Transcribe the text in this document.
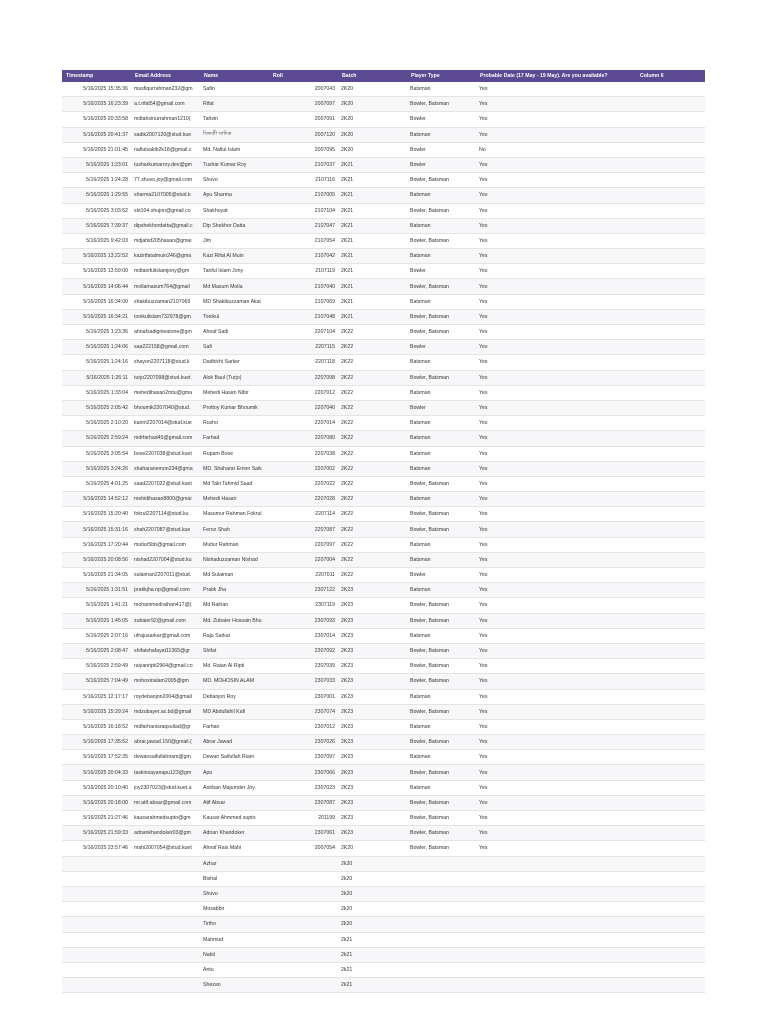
Timestamp	Email Address	Name	Roll	Batch	Player Type	Probable Date (17 May - 19 May). Are you available?	Column 6
5/16/2025 15:35:36	musfiqurrahman232@gm	Safin	2007043	2K20	Batsman	Yes	
5/16/2025 16:23:39	a.t.rifat54@gmail.com	Rifat	2007097	2K20	Bowler, Batsman	Yes	
5/16/2025 20:33:58	mdtahsinurrahman1210(	Tahsin	2007091	2K20	Bowler	Yes	
5/16/2025 20:41:37	sadik2007120@stud.kue	সিফতী সাদিক	2007120	2K20	Batsman	Yes	
5/16/2025 21:01:45	nafiulsakib2k18@gmail.c	Md. Nafiul Islam	2007095	2K20	Bowler	No	
5/16/2025 1:23:01	tusharkumarroy.dev@gm	Tushar Kumar Roy	2107037	2K21	Bowler	Yes	
5/16/2025 1:24:28	77.shuvo.joy@gmail.com	Shuvo	2107116	2K21	Bowler, Batsman	Yes	
5/16/2025 1:29:55	sharma2107005@stud.k	Apu Sharma	2107005	2K21	Batsman	Yes	
5/16/2025 3:03:52	skt104.shujon@gmail.co	Shakhoyat	2107104	2K21	Bowler, Batsman	Yes	
5/16/2025 7:39:37	dipshekhordatta@gmail.c	Dip Shekhor Datta	2107047	2K21	Batsman	Yes	
5/16/2025 9:42:03	mdjahid205hasan@gmai	Jim	2107054	2K21	Bowler, Batsman	Yes	
5/16/2025 13:22:52	kazirifatalmuin246@gma	Kazi Rifat Al Muin	2107042	2K21	Batsman	Yes	
5/16/2025 13:59:00	mdtanifulislamjony@gm	Tanful Islam Jony	2107119	2K21	Bowler	Yes	
5/16/2025 14:06:44	mollamasum764@gmail	Md Masum Molla	2107040	2K21	Bowler, Batsman	Yes	
5/16/2025 16:34:00	shakibuzzaman2107069	MD Shakibuzzaman Akai	2107069	2K21	Batsman	Yes	
5/16/2025 16:34:21	tonikulislam732978@gm	Tonikul	2107048	2K21	Bowler, Batsman	Yes	
5/16/2025 1:23:36	ahnafsadignieatone@gm	Ahnaf Sadi	2207104	2K22	Bowler, Batsman	Yes	
5/16/2025 1:24:06	saa222158@gmail.com	Safi	2207115	2K22	Bowler	Yes	
5/16/2025 1:24:16	shayon2207118@stud.k	Dadhichi Sarker	2207118	2K22	Batsman	Yes	
5/16/2025 1:26:11	turjo2207098@stud.kuet	Alok Baul (Turjo)	2207098	2K22	Bowler, Batsman	Yes	
5/16/2025 1:33:04	mehedihasan2mtu@gma	Mehedi Hasan Nibir	2207012	2K22	Batsman	Yes	
5/16/2025 2:05:42	bhoumik2207040@stud.	Prottoy Kumar Bhoumik	2207040	2K22	Bowler	Yes	
5/16/2025 2:10:20	karim2207014@stud.kue	Rusho	2207014	2K22	Batsman	Yes	
5/16/2025 2:59:24	mdrfarhad45@gmail.com	Farhad	2207080	2K22	Batsman	Yes	
5/16/2025 3:05:54	bose2207038@stud.kuet	Rupam Bose	2207038	2K22	Batsman	Yes	
5/16/2025 3:24:26	shaharanemon234@gma	MD. Shaharar Emon Saik	2207002	2K22	Batsman	Yes	
5/16/2025 4:01:25	saad2207022@stud.kuet	Md Taki Tahmid Saad	2207022	2K22	Bowler, Batsman	Yes	
5/16/2025 14:52:12	mehidihasan8800@gmai	Mehedi Hasan	2207028	2K22	Batsman	Yes	
5/16/2025 15:20:40	fokrul2207114@stud.ku	Masumur Rahman Fokrul	2207114	2K22	Bowler, Batsman	Yes	
5/16/2025 15:31:16	shah2207087@stud.kue	Feroz Shah	2207087	2K22	Bowler, Batsman	Yes	
5/16/2025 17:20:44	mutiur5bb@gmail.com	Mutiur Rahman	2207097	2K22	Batsman	Yes	
5/16/2025 20:08:56	nishad2207004@stud.ku	Nishaduzzaman Nishad	2207004	2K22	Batsman	Yes	
5/16/2025 21:34:05	sulaiman2207011@stud.	Md Sulaiman	2207011	2K22	Bowler	Yes	
5/16/2025 1:31:51	pratikjha.np@gmail.com	Pratik Jha	2307122	2K23	Batsman	Yes	
5/16/2025 1:41:21	mohammedraihan417@(	Md Raihan	2307119	2K23	Bowler, Batsman	Yes	
5/16/2025 1:45:05	zubaier92@gmail.com	Md. Zubaier Hossain Bhu	2307093	2K23	Bowler, Batsman	Yes	
5/16/2025 2:07:16	ufrajusarkar@gmail.com	Raju Sarkar	2307014	2K23	Batsman	Yes	
5/16/2025 2:08:47	shifatshafayat11365@gr	Shifat	2307092	2K23	Bowler, Batsman	Yes	
5/16/2025 2:59:49	raiyanripti2964@gmail.co	Md. Raian Al Ripti	2307039	2K23	Bowler, Batsman	Yes	
5/16/2025 7:04:49	mohosinalam2005@gm	MD. MOHOSIN ALAM	2307033	2K23	Bowler, Batsman	Yes	
5/16/2025 12:17:17	roydebanjon2004@gmail	Debanjon Roy	2307001	2K23	Batsman	Yes	
5/16/2025 15:29:24	mdzubayer.ac.bd@gmail	MD Abdullahil Kafi	2307074	2K23	Bowler, Batsman	Yes	
5/16/2025 16:18:52	mdfarhanisraqsuilad@gr	Farhan	2307012	2K23	Batsman	Yes	
5/16/2025 17:35:52	abrar.jawad.150@gmail.(	Abrar Jawad	2307026	2K23	Bowler, Batsman	Yes	
5/16/2025 17:52:35	dewansaifullahriam@gm	Dewan Saifullah Riam	2307097	2K23	Batsman	Yes	
5/16/2025 20:04:33	taskinsayanapu123@gm	Apu	2307066	2K23	Bowler, Batsman	Yes	
5/16/2025 20:10:40	joy2307023@stud.kuet.a	Anirban Majumder Joy	2307023	2K23	Batsman	Yes	
5/16/2025 20:18:00	mr.atif.absar@gmail.com	Atif Absar	2307087	2K23	Bowler, Batsman	Yes	
5/16/2025 21:27:46	kausarahmedsupto@gm	Kausar Ahmmed supto	201199	2K23	Bowler, Batsman	Yes	
5/16/2025 21:59:33	adnankhandoker03@gm	Adnan Khandoker	2307061	2K23	Bowler, Batsman	Yes	
5/16/2025 23:57:46	mahi2007054@stud.kuet	Ahnaf Rais Mahi	2007054	2K20	Bowler, Batsman	Yes	
		Azhar		2k20			
		Bishal		2k20			
		Shuvo		2k20			
		Mosabbir		2k20			
		Tirtho		2k20			
		Mahmud		2k21			
		Nabil		2k21			
		Antu		2k21			
		Shezan		2k21			
